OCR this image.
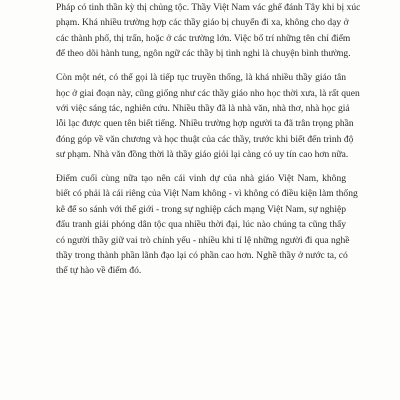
Pháp có tinh thần kỳ thị chủng tộc. Thầy Việt Nam vác ghế đánh Tây khi bị xúc
phạm. Khá nhiều trường hợp các thầy giáo bị chuyển đi xa, không cho dạy ở
các thành phố, thị trấn, hoặc ở các trường lớn. Việc bố trí những tên chỉ điểm
để theo dõi hành tung, ngôn ngữ các thầy bị tình nghi là chuyện bình thường.

Còn một nét, có thể gọi là tiếp tục truyền thống, là khá nhiều thầy giáo tân
học ở giai đoạn này, cũng giống như các thầy giáo nho học thời xưa, là rất quen
với việc sáng tác, nghiên cứu. Nhiều thầy đã là nhà văn, nhà thơ, nhà học giả
lỗi lạc được quen tên biết tiếng. Nhiều trường hợp người ta đã trân trọng phần
đóng góp về văn chương và học thuật của các thầy, trước khi biết đến trình độ
sư phạm. Nhà văn đồng thời là thầy giáo giỏi lại càng có uy tín cao hơn nữa.

Điểm cuối cùng nữa tạo nên cái vinh dự của nhà giáo Việt Nam, không
biết có phải là cái riêng của Việt Nam không - vì không có điều kiện làm thống
kê để so sánh với thế giới - trong sự nghiệp cách mạng Việt Nam, sự nghiệp
đấu tranh giải phóng dân tộc qua nhiều thời đại, lúc nào chúng ta cũng thấy
có người thầy giữ vai trò chính yếu - nhiều khi tỉ lệ những người đi qua nghề
thầy trong thành phần lãnh đạo lại có phần cao hơn. Nghề thầy ở nước ta, có
thể tự hào về điểm đó.
